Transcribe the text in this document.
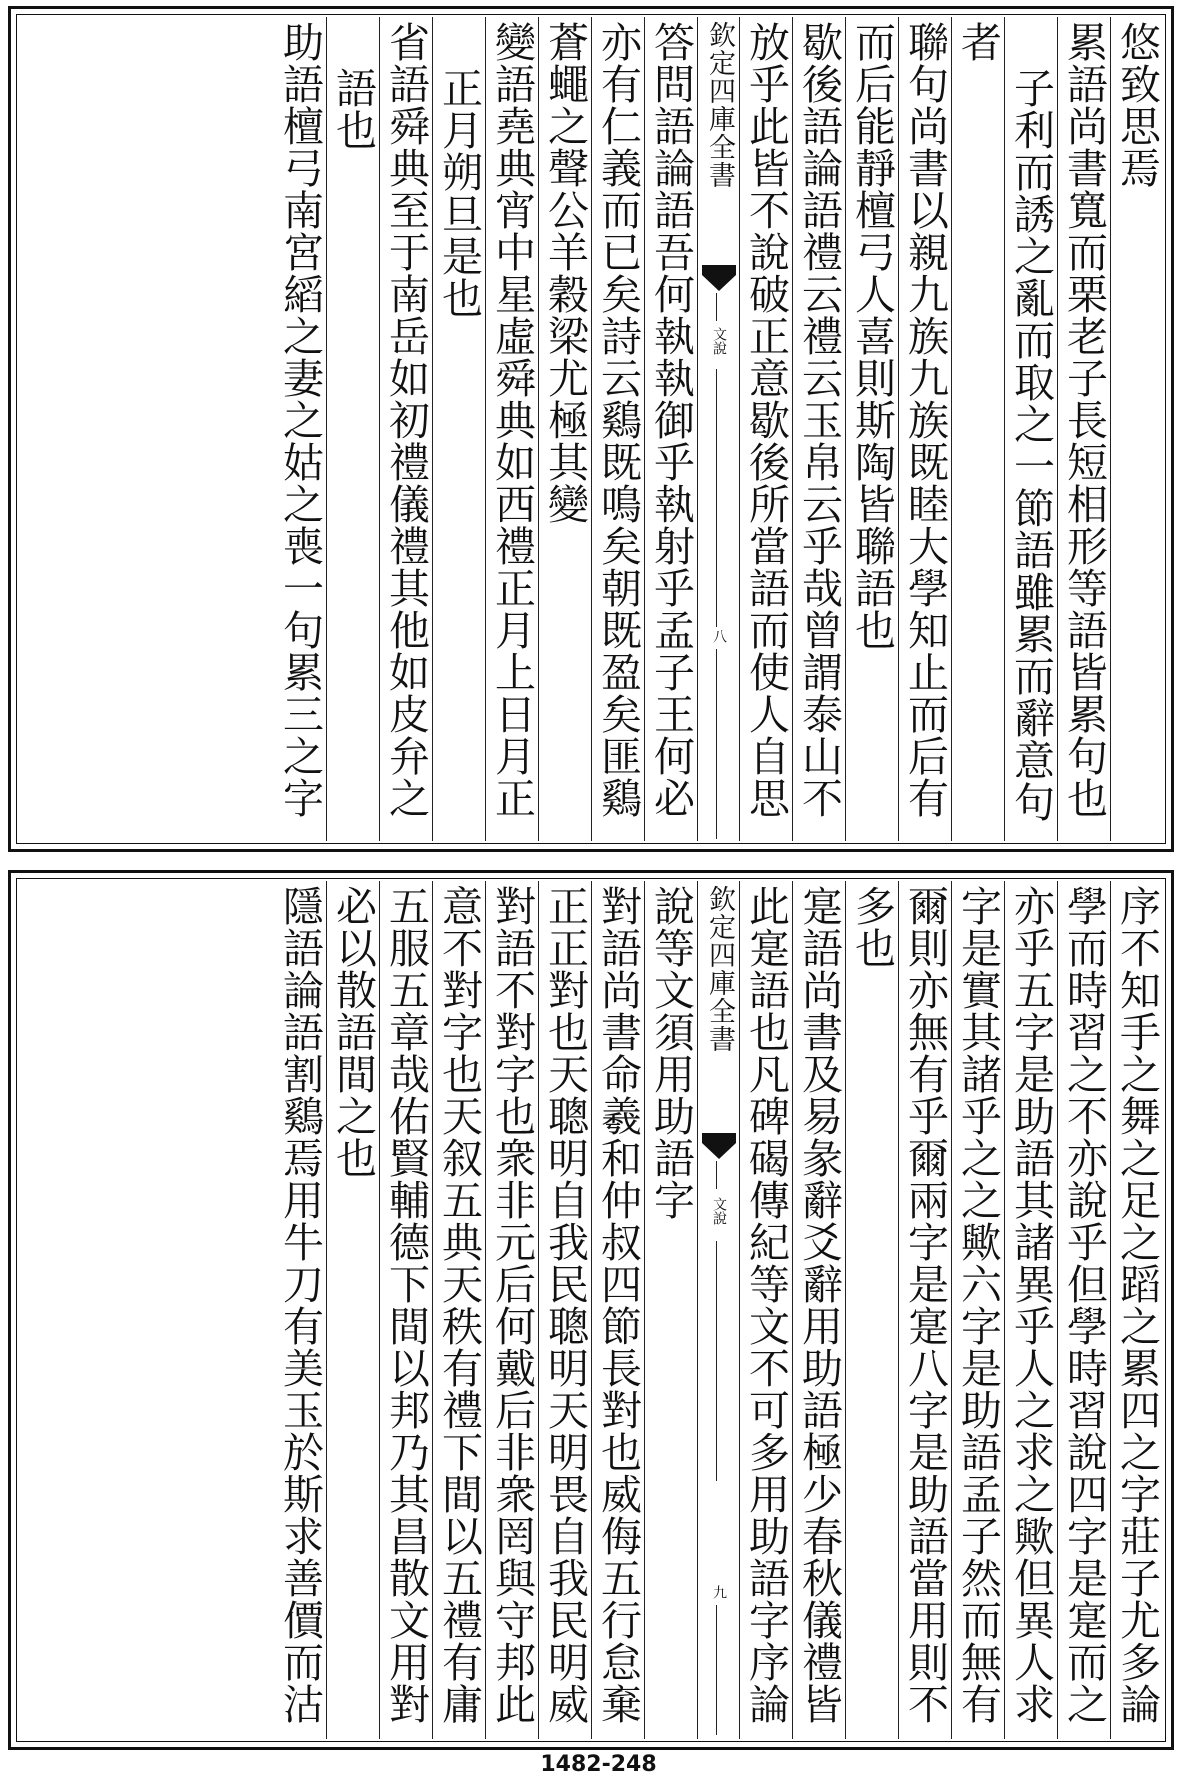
悠致思焉
累語尚書寬而栗老子長短相形等語皆累句也
子利而誘之亂而取之一節語雖累而辭意句
者
聯句尚書以親九族九族既睦大學知止而后有
而后能靜檀弓人喜則斯陶皆聯語也
歇後語論語禮云禮云玉帛云乎哉曾謂泰山不
放乎此皆不說破正意歇後所當語而使人自思
欽定四庫全書
文說
八
答問語論語吾何執執御乎執射乎孟子王何必
亦有仁義而已矣詩云鷄既鳴矣朝既盈矣匪鷄
蒼蠅之聲公羊穀梁尤極其變
變語堯典宵中星虛舜典如西禮正月上日月正
正月朔旦是也
省語舜典至于南岳如初禮儀禮其他如皮弁之
語也
助語檀弓南宮縚之妻之姑之喪一句累三之字
序不知手之舞之足之蹈之累四之字莊子尤多論
學而時習之不亦說乎但學時習說四字是寔而之
亦乎五字是助語其諸異乎人之求之歟但異人求
字是實其諸乎之之歟六字是助語孟子然而無有
爾則亦無有乎爾兩字是寔八字是助語當用則不
多也
寔語尚書及易彖辭爻辭用助語極少春秋儀禮皆
此寔語也凡碑碣傳紀等文不可多用助語字序論
欽定四庫全書
文說
九
說等文須用助語字
對語尚書命羲和仲叔四節長對也威侮五行怠棄
正正對也天聰明自我民聰明天明畏自我民明威
對語不對字也衆非元后何戴后非衆罔與守邦此
意不對字也天叙五典天秩有禮下間以五禮有庸
五服五章哉佑賢輔德下間以邦乃其昌散文用對
必以散語間之也
隱語論語割鷄焉用牛刀有美玉於斯求善價而沽
1482-248
